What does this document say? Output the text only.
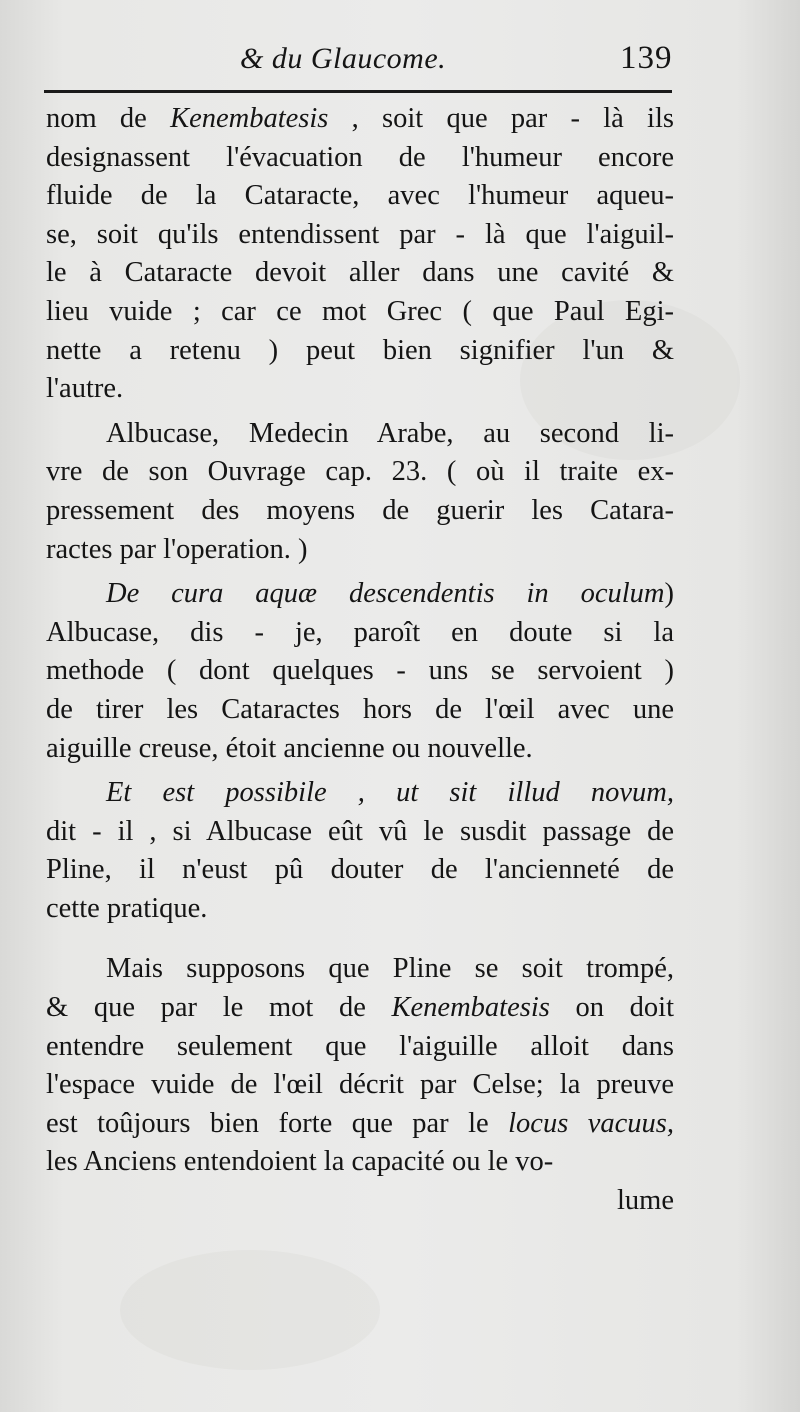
& du Glaucome.	139
nom de Kenembatesis , soit que par - là ils
designassent l'évacuation de l'humeur encore
fluide de la Cataracte, avec l'humeur aqueu-
se, soit qu'ils entendissent par - là que l'aiguil-
le à Cataracte devoit aller dans une cavité &
lieu vuide ; car ce mot Grec ( que Paul Egi-
nette a retenu ) peut bien signifier l'un &
l'autre.
Albucase, Medecin Arabe, au second li-
vre de son Ouvrage cap. 23. ( où il traite ex-
pressement des moyens de guerir les Catara-
ractes par l'operation. )
De cura aquæ descendentis in oculum)
Albucase, dis - je, paroît en doute si la
methode ( dont quelques - uns se servoient )
de tirer les Cataractes hors de l'œil avec une
aiguille creuse, étoit ancienne ou nouvelle.
Et est possibile , ut sit illud novum,
dit - il , si Albucase eût vû le susdit passage de
Pline, il n'eust pû douter de l'ancienneté de
cette pratique.
Mais supposons que Pline se soit trompé,
& que par le mot de Kenembatesis on doit
entendre seulement que l'aiguille alloit dans
l'espace vuide de l'œil décrit par Celse; la preuve
est toûjours bien forte que par le locus vacuus,
les Anciens entendoient la capacité ou le vo-
lume
